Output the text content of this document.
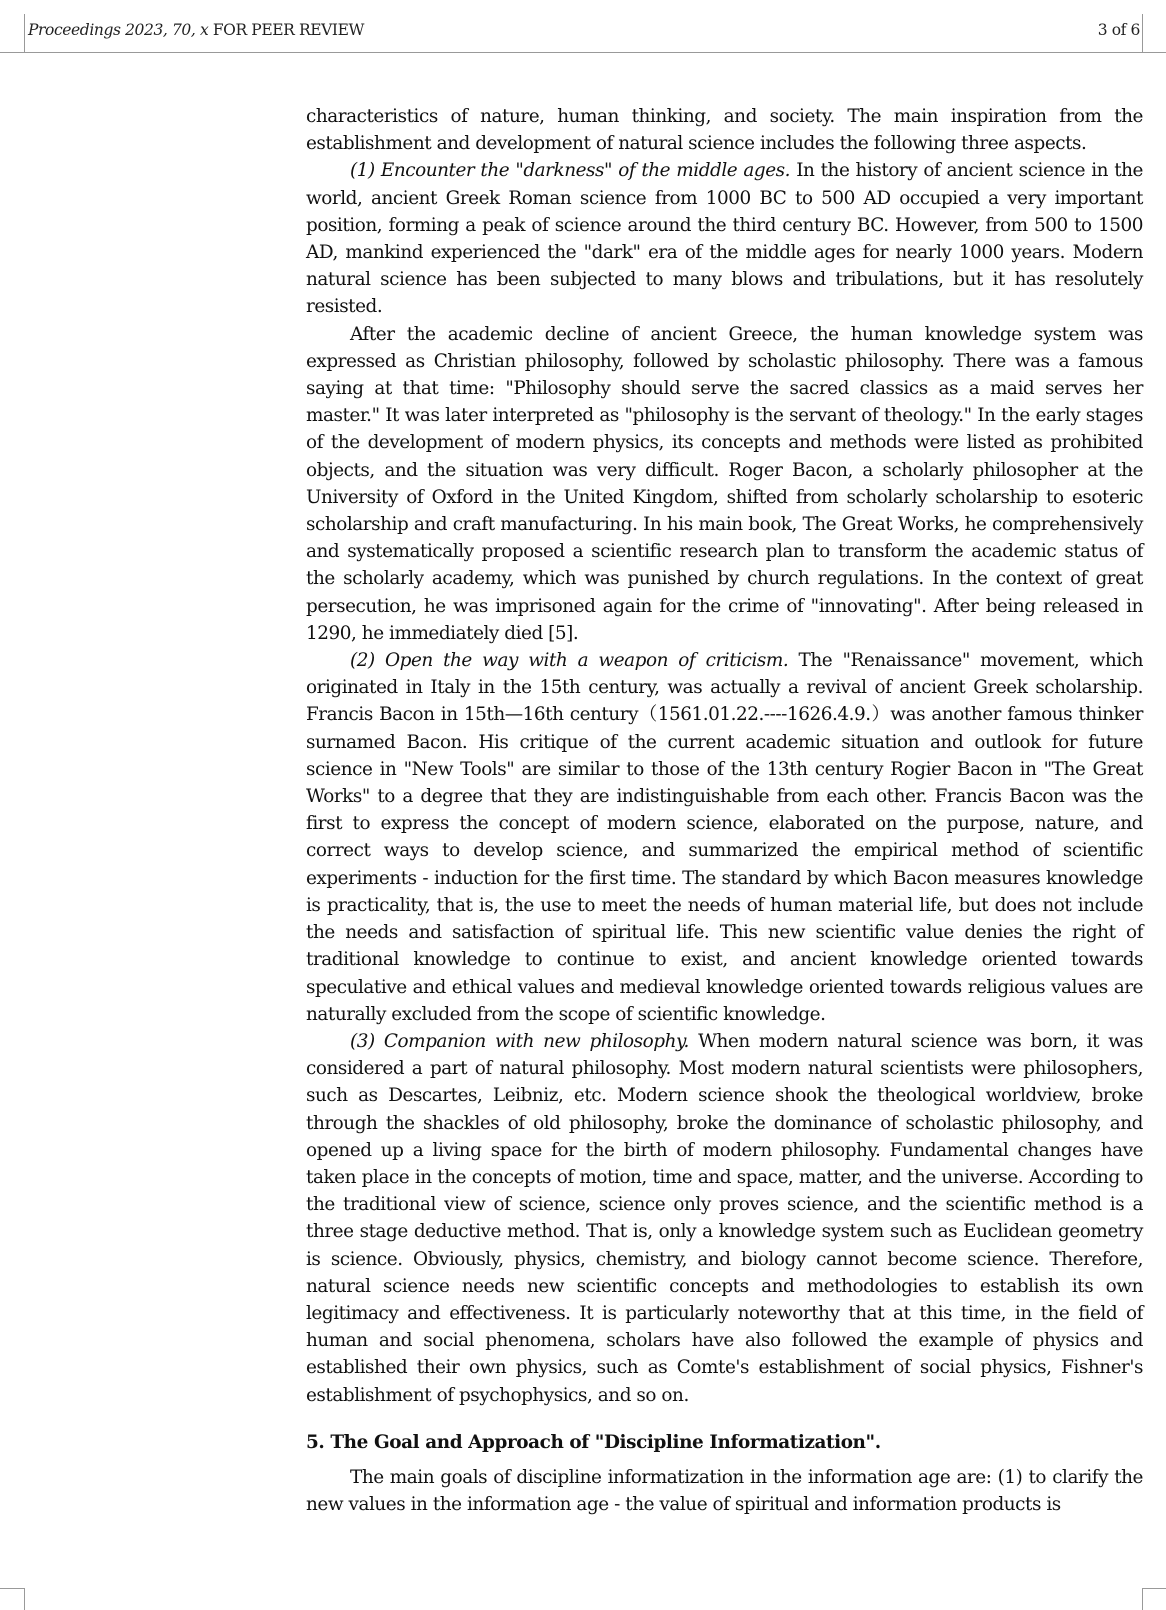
Proceedings 2023, 70, x FOR PEER REVIEW	3 of 6

characteristics of nature, human thinking, and society. The main inspiration from the establishment and development of natural science includes the following three aspects.

(1) Encounter the "darkness" of the middle ages. In the history of ancient science in the world, ancient Greek Roman science from 1000 BC to 500 AD occupied a very important position, forming a peak of science around the third century BC. However, from 500 to 1500 AD, mankind experienced the "dark" era of the middle ages for nearly 1000 years. Modern natural science has been subjected to many blows and tribulations, but it has resolutely resisted.

After the academic decline of ancient Greece, the human knowledge system was expressed as Christian philosophy, followed by scholastic philosophy. There was a famous saying at that time: "Philosophy should serve the sacred classics as a maid serves her master." It was later interpreted as "philosophy is the servant of theology." In the early stages of the development of modern physics, its concepts and methods were listed as prohibited objects, and the situation was very difficult. Roger Bacon, a scholarly philosopher at the University of Oxford in the United Kingdom, shifted from scholarly scholarship to esoteric scholarship and craft manufacturing. In his main book, The Great Works, he comprehensively and systematically proposed a scientific research plan to transform the academic status of the scholarly academy, which was punished by church regulations. In the context of great persecution, he was imprisoned again for the crime of "innovating". After being released in 1290, he immediately died [5].

(2) Open the way with a weapon of criticism. The "Renaissance" movement, which originated in Italy in the 15th century, was actually a revival of ancient Greek scholarship. Francis Bacon in 15th—16th century（1561.01.22.----1626.4.9.）was another famous thinker surnamed Bacon. His critique of the current academic situation and outlook for future science in "New Tools" are similar to those of the 13th century Rogier Bacon in "The Great Works" to a degree that they are indistinguishable from each other. Francis Bacon was the first to express the concept of modern science, elaborated on the purpose, nature, and correct ways to develop science, and summarized the empirical method of scientific experiments - induction for the first time. The standard by which Bacon measures knowledge is practicality, that is, the use to meet the needs of human material life, but does not include the needs and satisfaction of spiritual life. This new scientific value denies the right of traditional knowledge to continue to exist, and ancient knowledge oriented towards speculative and ethical values and medieval knowledge oriented towards religious values are naturally excluded from the scope of scientific knowledge.

(3) Companion with new philosophy. When modern natural science was born, it was considered a part of natural philosophy. Most modern natural scientists were philosophers, such as Descartes, Leibniz, etc. Modern science shook the theological worldview, broke through the shackles of old philosophy, broke the dominance of scholastic philosophy, and opened up a living space for the birth of modern philosophy. Fundamental changes have taken place in the concepts of motion, time and space, matter, and the universe. According to the traditional view of science, science only proves science, and the scientific method is a three stage deductive method. That is, only a knowledge system such as Euclidean geometry is science. Obviously, physics, chemistry, and biology cannot become science. Therefore, natural science needs new scientific concepts and methodologies to establish its own legitimacy and effectiveness. It is particularly noteworthy that at this time, in the field of human and social phenomena, scholars have also followed the example of physics and established their own physics, such as Comte's establishment of social physics, Fishner's establishment of psychophysics, and so on.

5. The Goal and Approach of "Discipline Informatization".

The main goals of discipline informatization in the information age are: (1) to clarify the new values in the information age - the value of spiritual and information products is
